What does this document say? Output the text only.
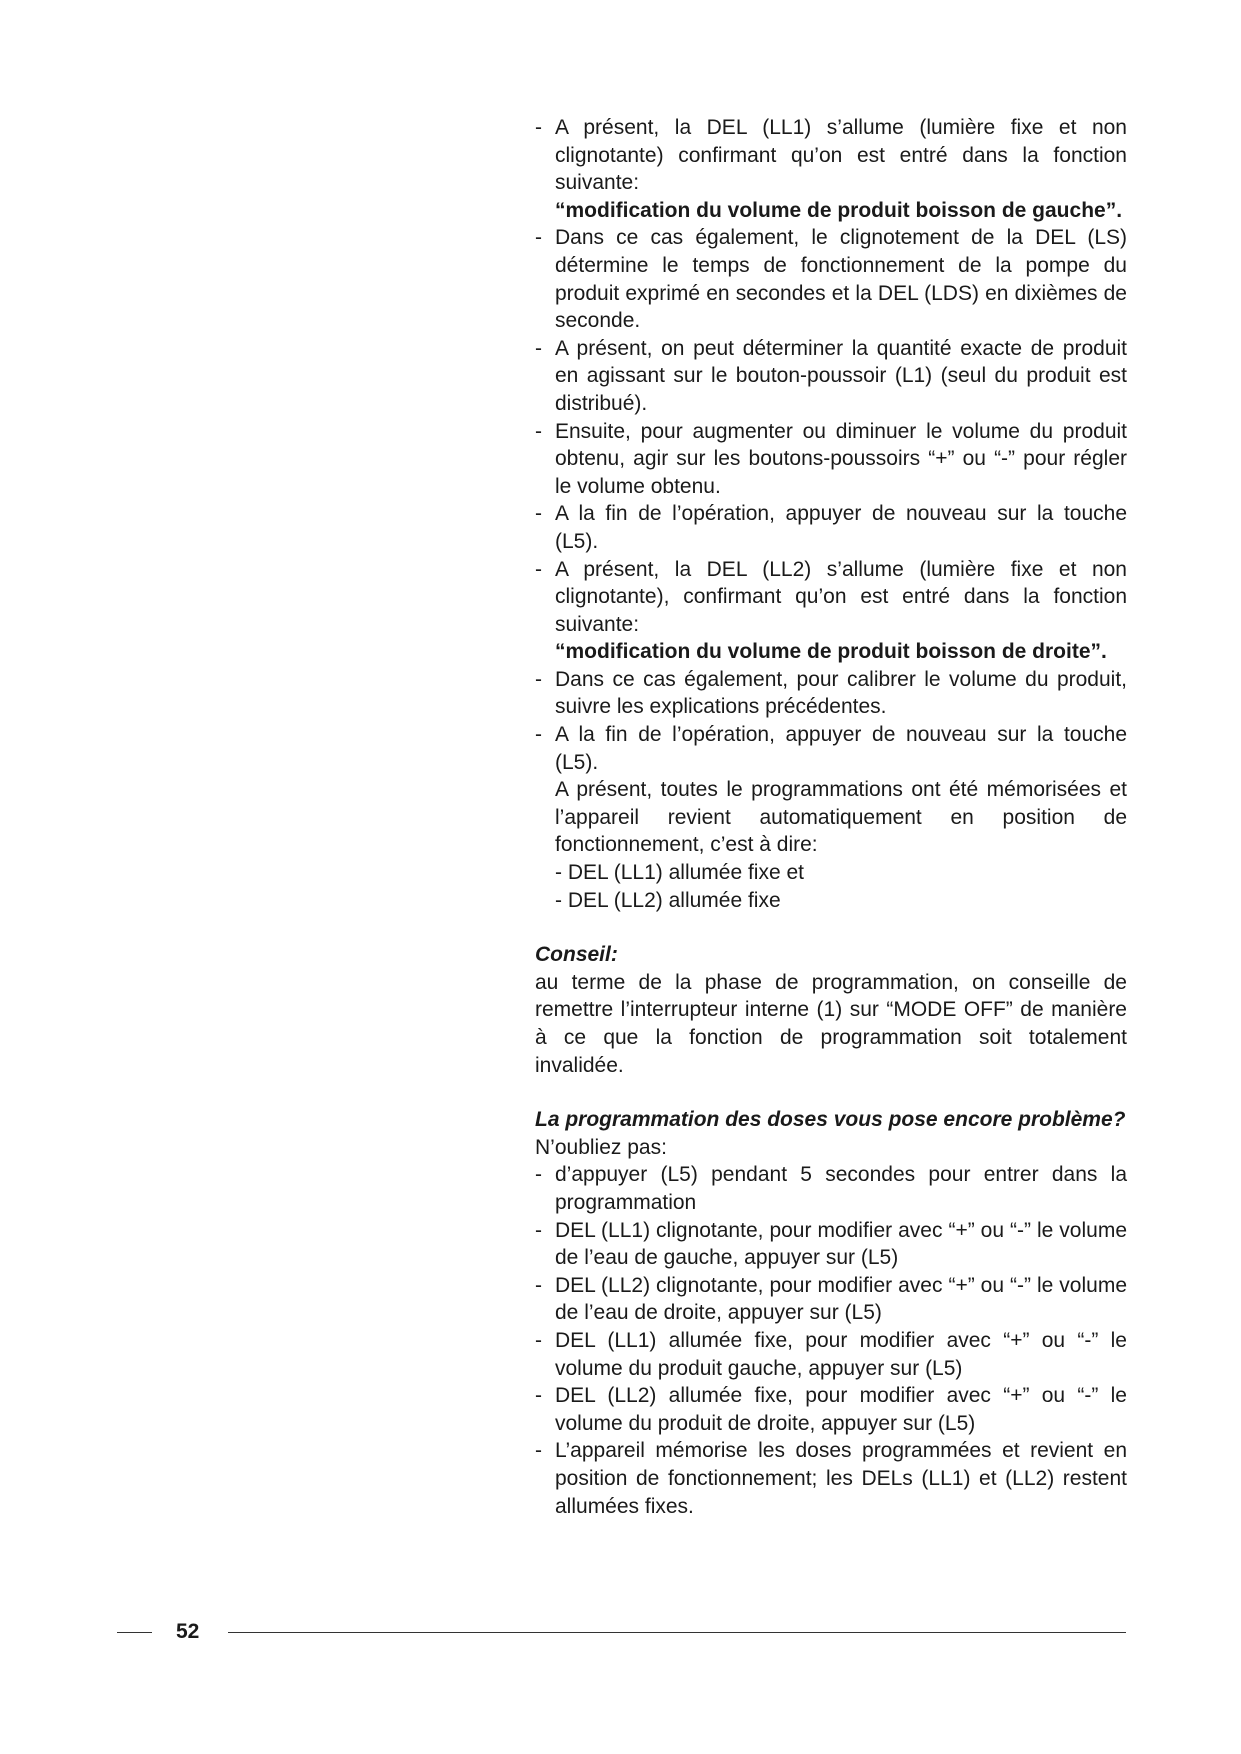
- A présent, la DEL (LL1) s’allume (lumière fixe et non clignotante) confirmant qu’on est entré dans la fonction suivante:

“modification du volume de produit boisson de gauche”.

- Dans ce cas également, le clignotement de la DEL (LS) détermine le temps de fonctionnement de la pompe du produit exprimé en secondes et la DEL (LDS) en dixièmes de seconde.

- A présent, on peut déterminer la quantité exacte de produit en agissant sur le bouton-poussoir (L1) (seul du produit est distribué).

- Ensuite, pour augmenter ou diminuer le volume du produit obtenu, agir sur les boutons-poussoirs “+” ou “-” pour régler le volume obtenu.

- A la fin de l’opération, appuyer de nouveau sur la touche (L5).

- A présent, la DEL (LL2) s’allume (lumière fixe et non clignotante), confirmant qu’on est entré dans la fonction suivante:

“modification du volume de produit boisson de droite”.

- Dans ce cas également, pour calibrer le volume du produit, suivre les explications précédentes.

- A la fin de l’opération, appuyer de nouveau sur la touche (L5).

A présent, toutes le programmations ont été mémorisées et l’appareil revient automatiquement en position de fonctionnement, c’est à dire:

- DEL (LL1) allumée fixe et

- DEL (LL2) allumée fixe

Conseil:

au terme de la phase de programmation, on conseille de remettre l’interrupteur interne (1) sur “MODE OFF” de manière à ce que la fonction de programmation soit totalement invalidée.

La programmation des doses vous pose encore problème?

N’oubliez pas:

- d’appuyer (L5) pendant 5 secondes pour entrer dans la programmation

- DEL (LL1) clignotante, pour modifier avec “+” ou “-” le volume de l’eau de gauche, appuyer sur (L5)

- DEL (LL2) clignotante, pour modifier avec “+” ou “-” le volume de l’eau de droite, appuyer sur (L5)

- DEL (LL1) allumée fixe, pour modifier avec “+” ou “-” le volume du produit gauche, appuyer sur (L5)

- DEL (LL2) allumée fixe, pour modifier avec “+” ou “-” le volume du produit de droite, appuyer sur (L5)

- L’appareil mémorise les doses programmées et revient en position de fonctionnement; les DELs (LL1) et (LL2) restent allumées fixes.

52
